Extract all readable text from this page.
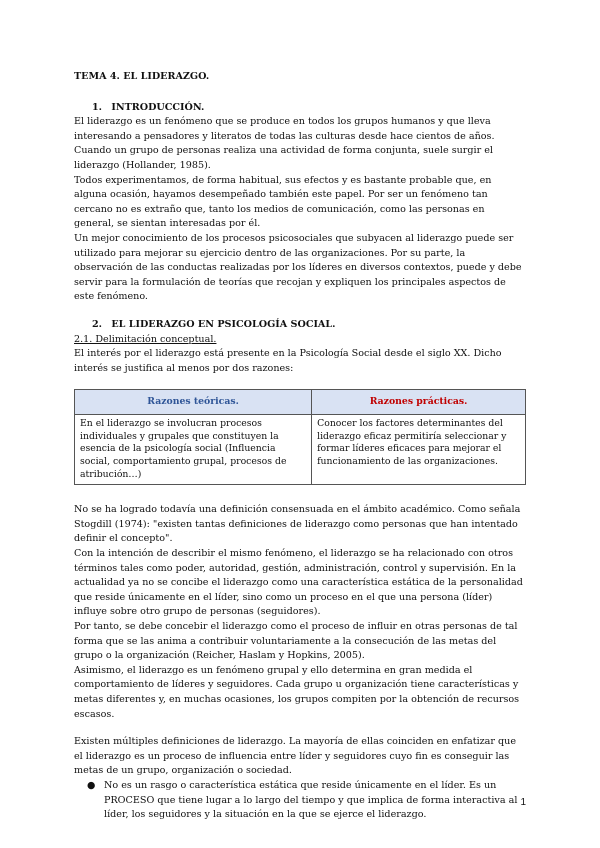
TEMA 4. EL LIDERAZGO.

1. INTRODUCCIÓN.

El liderazgo es un fenómeno que se produce en todos los grupos humanos y que lleva interesando a pensadores y literatos de todas las culturas desde hace cientos de años. Cuando un grupo de personas realiza una actividad de forma conjunta, suele surgir el liderazgo (Hollander, 1985).

Todos experimentamos, de forma habitual, sus efectos y es bastante probable que, en alguna ocasión, hayamos desempeñado también este papel. Por ser un fenómeno tan cercano no es extraño que, tanto los medios de comunicación, como las personas en general, se sientan interesadas por él.

Un mejor conocimiento de los procesos psicosociales que subyacen al liderazgo puede ser utilizado para mejorar su ejercicio dentro de las organizaciones. Por su parte, la observación de las conductas realizadas por los líderes en diversos contextos, puede y debe servir para la formulación de teorías que recojan y expliquen los principales aspectos de este fenómeno.

2. EL LIDERAZGO EN PSICOLOGÍA SOCIAL.

2.1. Delimitación conceptual.

El interés por el liderazgo está presente en la Psicología Social desde el siglo XX. Dicho interés se justifica al menos por dos razones:

Razones teóricas.	Razones prácticas.
En el liderazgo se involucran procesos individuales y grupales que constituyen la esencia de la psicología social (Influencia social, comportamiento grupal, procesos de atribución…)	Conocer los factores determinantes del liderazgo eficaz permitiría seleccionar y formar líderes eficaces para mejorar el funcionamiento de las organizaciones.

No se ha logrado todavía una definición consensuada en el ámbito académico. Como señala Stogdill (1974): "existen tantas definiciones de liderazgo como personas que han intentado definir el concepto".

Con la intención de describir el mismo fenómeno, el liderazgo se ha relacionado con otros términos tales como poder, autoridad, gestión, administración, control y supervisión. En la actualidad ya no se concibe el liderazgo como una característica estática de la personalidad que reside únicamente en el líder, sino como un proceso en el que una persona (líder) influye sobre otro grupo de personas (seguidores).

Por tanto, se debe concebir el liderazgo como el proceso de influir en otras personas de tal forma que se las anima a contribuir voluntariamente a la consecución de las metas del grupo o la organización (Reicher, Haslam y Hopkins, 2005).

Asimismo, el liderazgo es un fenómeno grupal y ello determina en gran medida el comportamiento de líderes y seguidores. Cada grupo u organización tiene características y metas diferentes y, en muchas ocasiones, los grupos compiten por la obtención de recursos escasos.

Existen múltiples definiciones de liderazgo. La mayoría de ellas coinciden en enfatizar que el liderazgo es un proceso de influencia entre líder y seguidores cuyo fin es conseguir las metas de un grupo, organización o sociedad.

● No es un rasgo o característica estática que reside únicamente en el líder. Es un PROCESO que tiene lugar a lo largo del tiempo y que implica de forma interactiva al líder, los seguidores y la situación en la que se ejerce el liderazgo.
1
